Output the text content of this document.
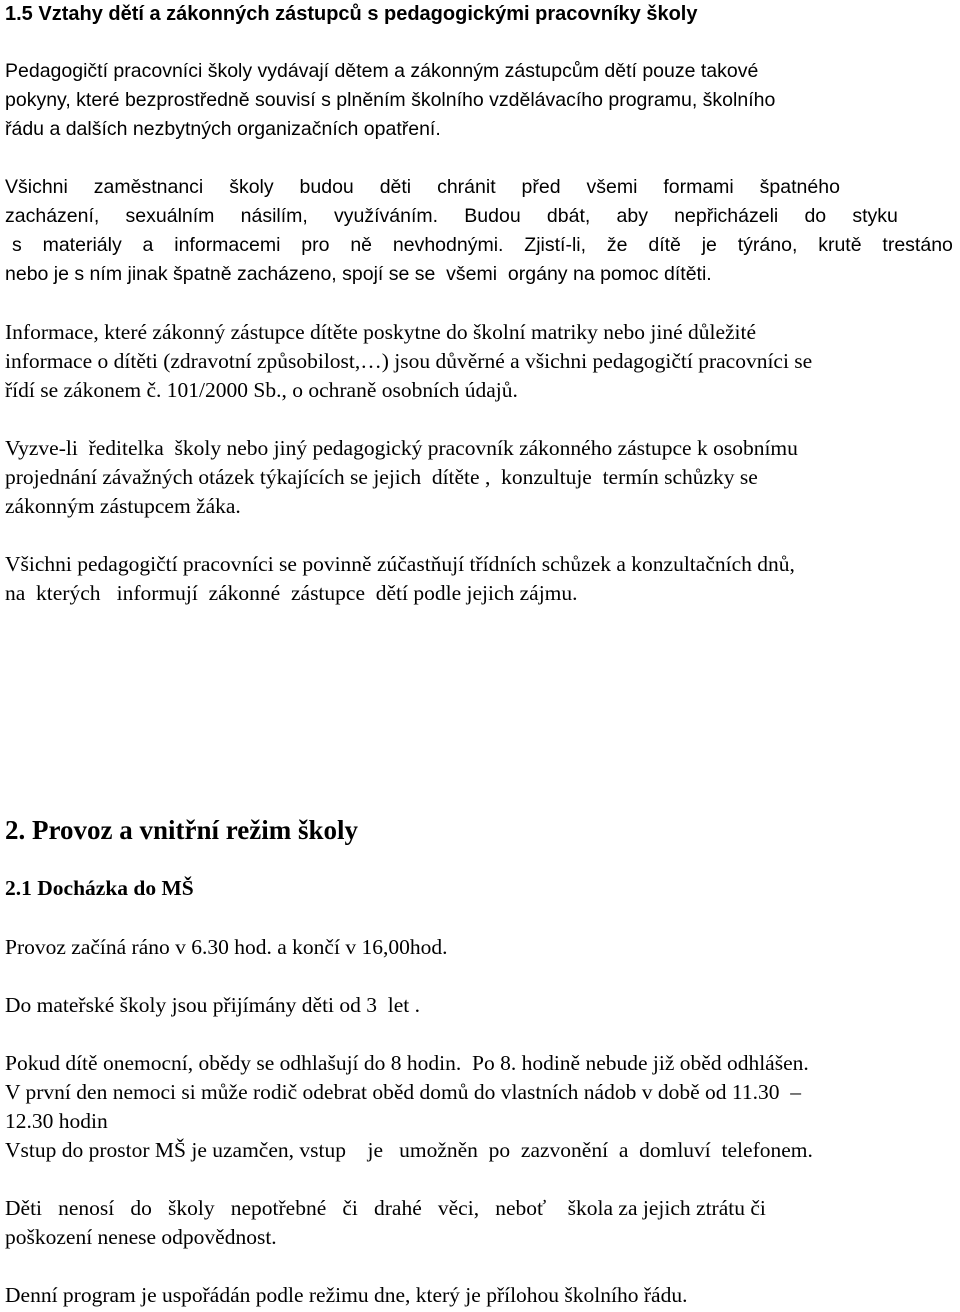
1.5 Vztahy dětí a zákonných zástupců s pedagogickými pracovníky školy
Pedagogičtí pracovníci školy vydávají dětem a zákonným zástupcům dětí pouze takové
pokyny, které bezprostředně souvisí s plněním školního vzdělávacího programu, školního
řádu a dalších nezbytných organizačních opatření.
Všichni zaměstnanci školy budou děti chránit před všemi formami špatného
zacházení, sexuálním násilím, využíváním. Budou dbát, aby nepřicházeli do styku
s materiály a informacemi pro ně nevhodnými. Zjistí-li, že dítě je týráno, krutě trestáno
nebo je s ním jinak špatně zacházeno, spojí se se  všemi  orgány na pomoc dítěti.
Informace, které zákonný zástupce dítěte poskytne do školní matriky nebo jiné důležité
informace o dítěti (zdravotní způsobilost,…) jsou důvěrné a všichni pedagogičtí pracovníci se
řídí se zákonem č. 101/2000 Sb., o ochraně osobních údajů.
Vyzve-li  ředitelka  školy nebo jiný pedagogický pracovník zákonného zástupce k osobnímu
projednání závažných otázek týkajících se jejich  dítěte ,  konzultuje  termín schůzky se
zákonným zástupcem žáka.
Všichni pedagogičtí pracovníci se povinně zúčastňují třídních schůzek a konzultačních dnů,
na  kterých   informují  zákonné  zástupce  dětí podle jejich zájmu.
2. Provoz a vnitřní režim školy
2.1 Docházka do MŠ
Provoz začíná ráno v 6.30 hod. a končí v 16,00hod.
Do mateřské školy jsou přijímány děti od 3  let .
Pokud dítě onemocní, obědy se odhlašují do 8 hodin.  Po 8. hodině nebude již oběd odhlášen.
V první den nemoci si může rodič odebrat oběd domů do vlastních nádob v době od 11.30  –
12.30 hodin
Vstup do prostor MŠ je uzamčen, vstup    je   umožněn  po  zazvonění  a  domluví  telefonem.
Děti   nenosí   do   školy   nepotřebné   či   drahé   věci,   neboť    škola za jejich ztrátu či
poškození nenese odpovědnost.
Denní program je uspořádán podle režimu dne, který je přílohou školního řádu.
